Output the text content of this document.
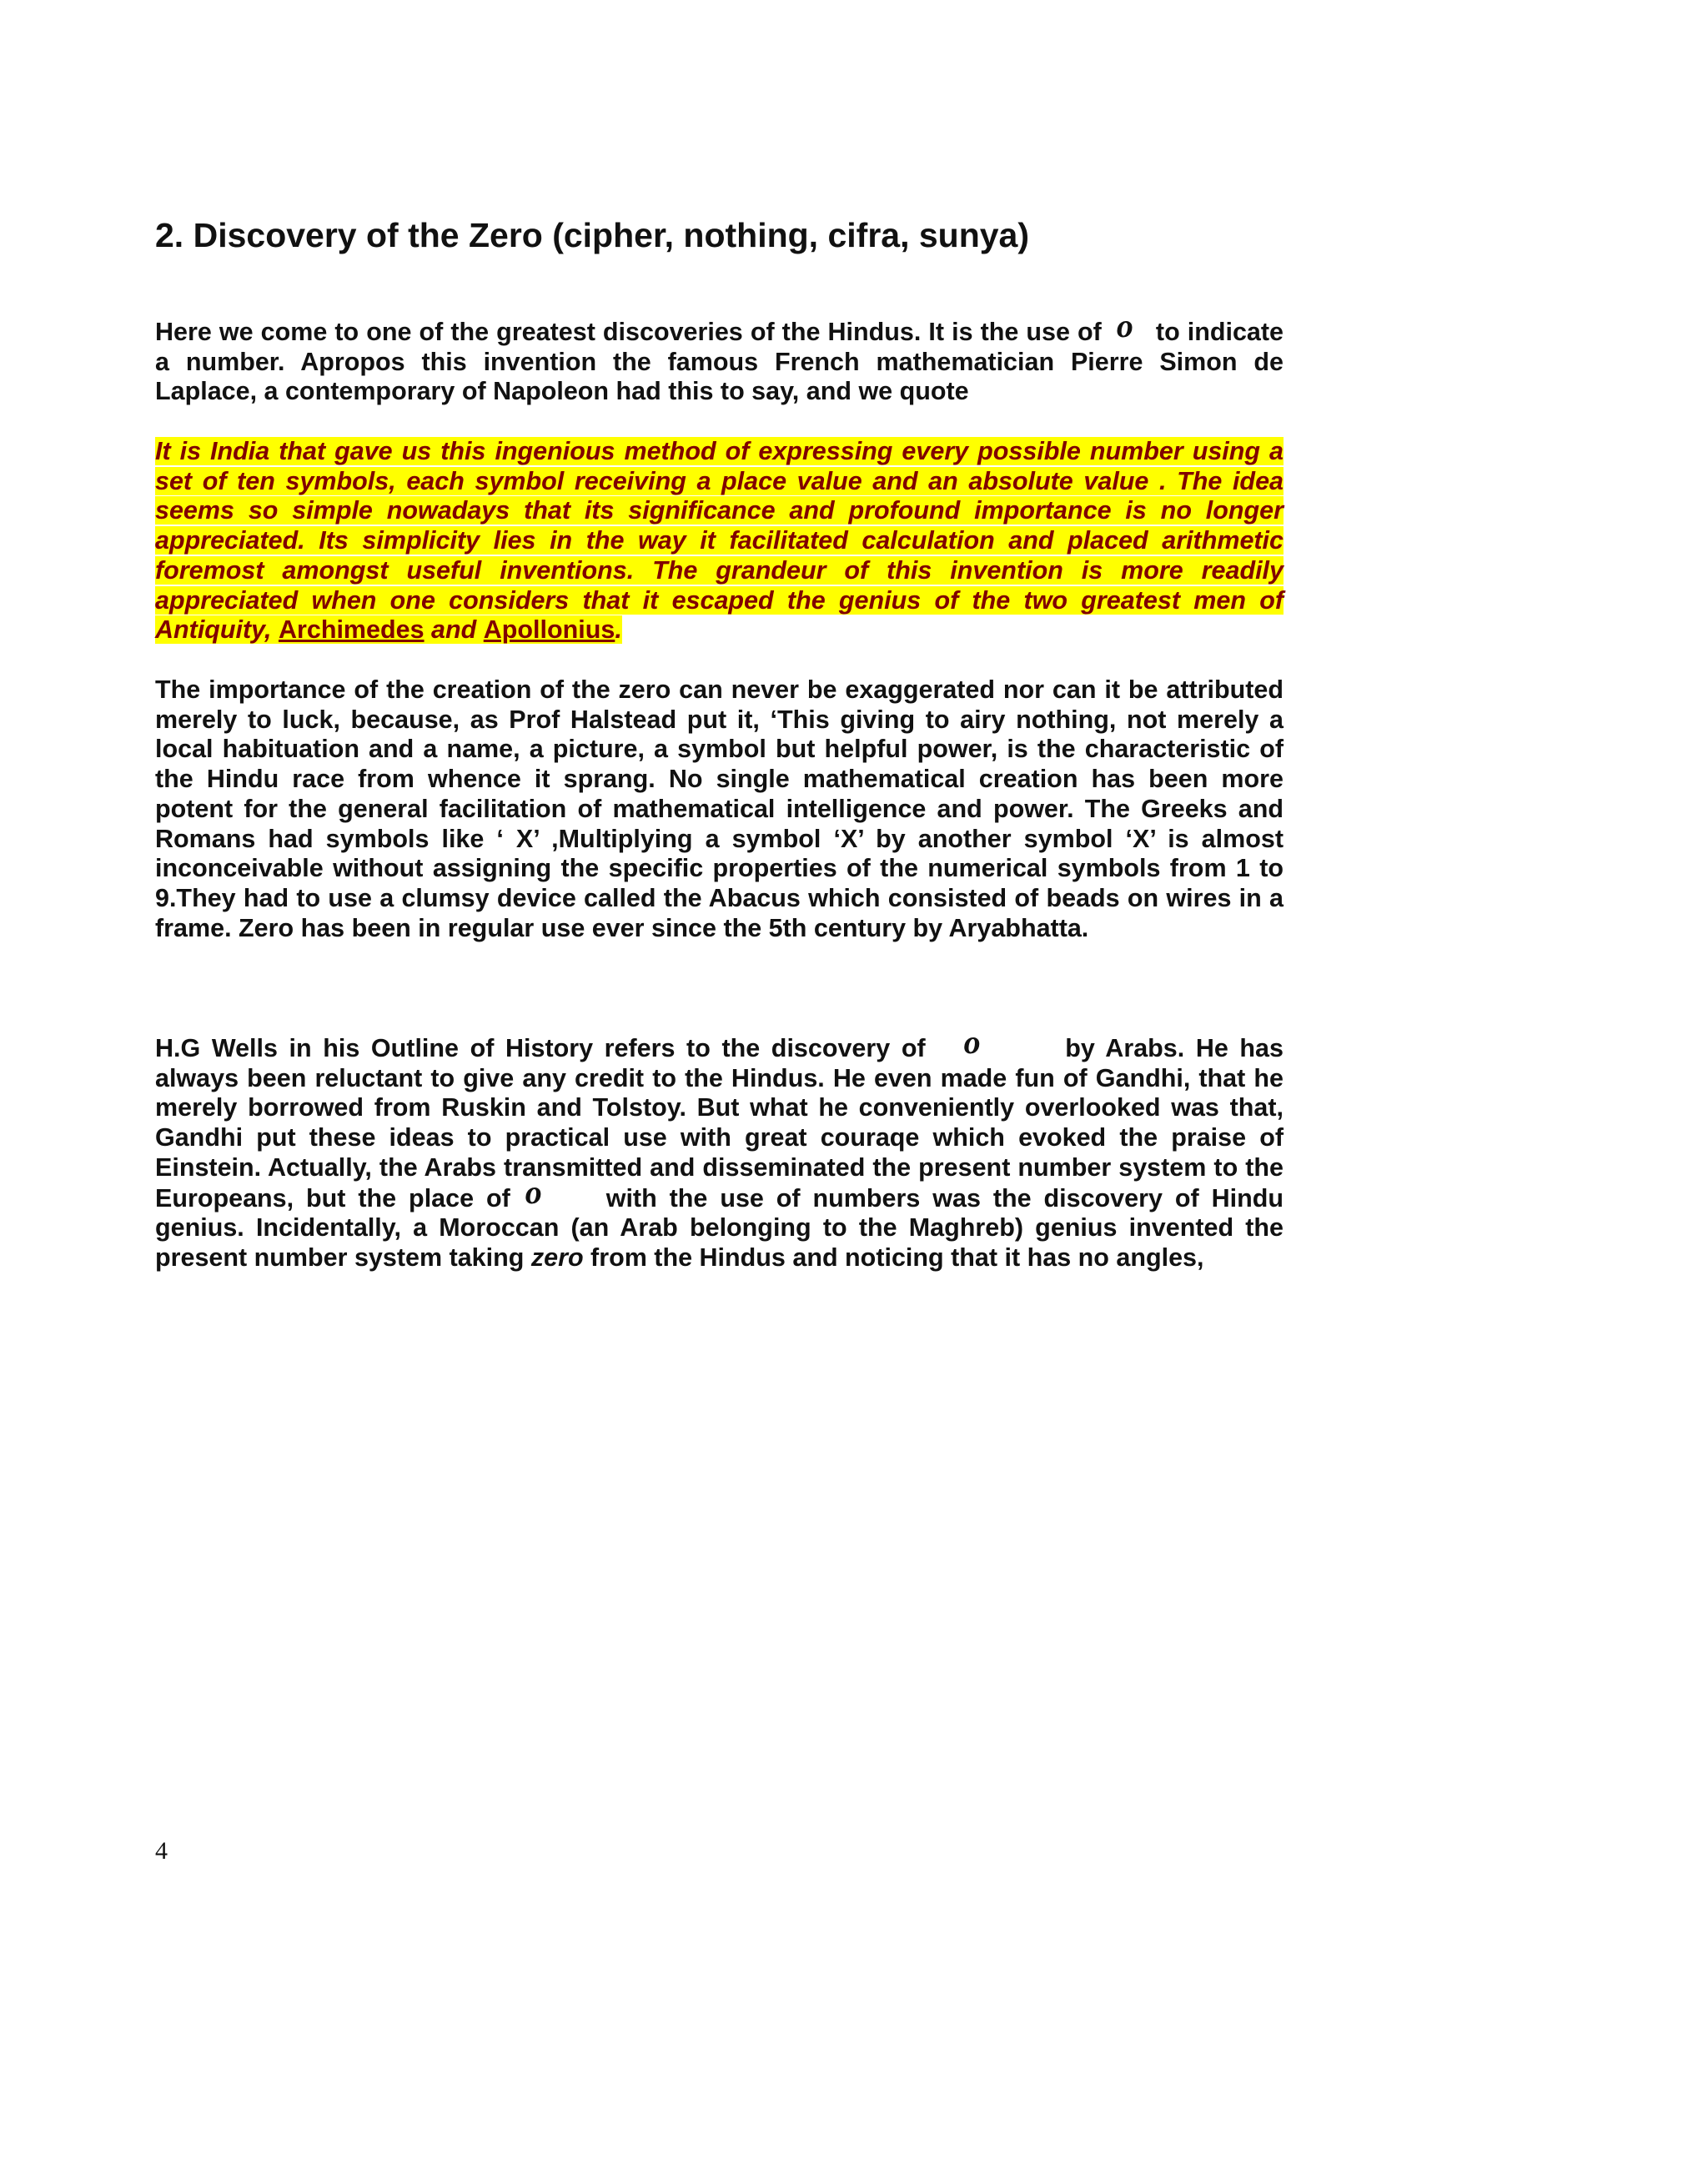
2. Discovery of the Zero (cipher, nothing, cifra, sunya)

Here we come to one of the greatest discoveries of the Hindus. It is the use of o to indicate a number. Apropos this invention the famous French mathematician Pierre Simon de Laplace, a contemporary of Napoleon had this to say, and we quote

It is India that gave us this ingenious method of expressing every possible number using a set of ten symbols, each symbol receiving a place value and an absolute value . The idea seems so simple nowadays that its significance and profound importance is no longer appreciated. Its simplicity lies in the way it facilitated calculation and placed arithmetic foremost amongst useful inventions. The grandeur of this invention is more readily appreciated when one considers that it escaped the genius of the two greatest men of Antiquity, Archimedes and Apollonius.

The importance of the creation of the zero can never be exaggerated nor can it be attributed merely to luck, because, as Prof Halstead put it, ‘This giving to airy nothing, not merely a local habituation and a name, a picture, a symbol but helpful power, is the characteristic of the Hindu race from whence it sprang. No single mathematical creation has been more potent for the general facilitation of mathematical intelligence and power. The Greeks and Romans had symbols like ‘ X’ ,Multiplying a symbol ‘X’ by another symbol ‘X’ is almost inconceivable without assigning the specific properties of the numerical symbols from 1 to 9.They had to use a clumsy device called the Abacus which consisted of beads on wires in a frame. Zero has been in regular use ever since the 5th century by Aryabhatta.

H.G Wells in his Outline of History refers to the discovery of o	by Arabs. He has always been reluctant to give any credit to the Hindus. He even made fun of Gandhi, that he merely borrowed from Ruskin and Tolstoy. But what he conveniently overlooked was that, Gandhi put these ideas to practical use with great couraqe which evoked the praise of Einstein. Actually, the Arabs transmitted and disseminated the present number system to the Europeans, but the place of o	with the use of numbers was the discovery of Hindu genius. Incidentally, a Moroccan (an Arab belonging to the Maghreb) genius invented the present number system taking zero from the Hindus and noticing that it has no angles,

4
